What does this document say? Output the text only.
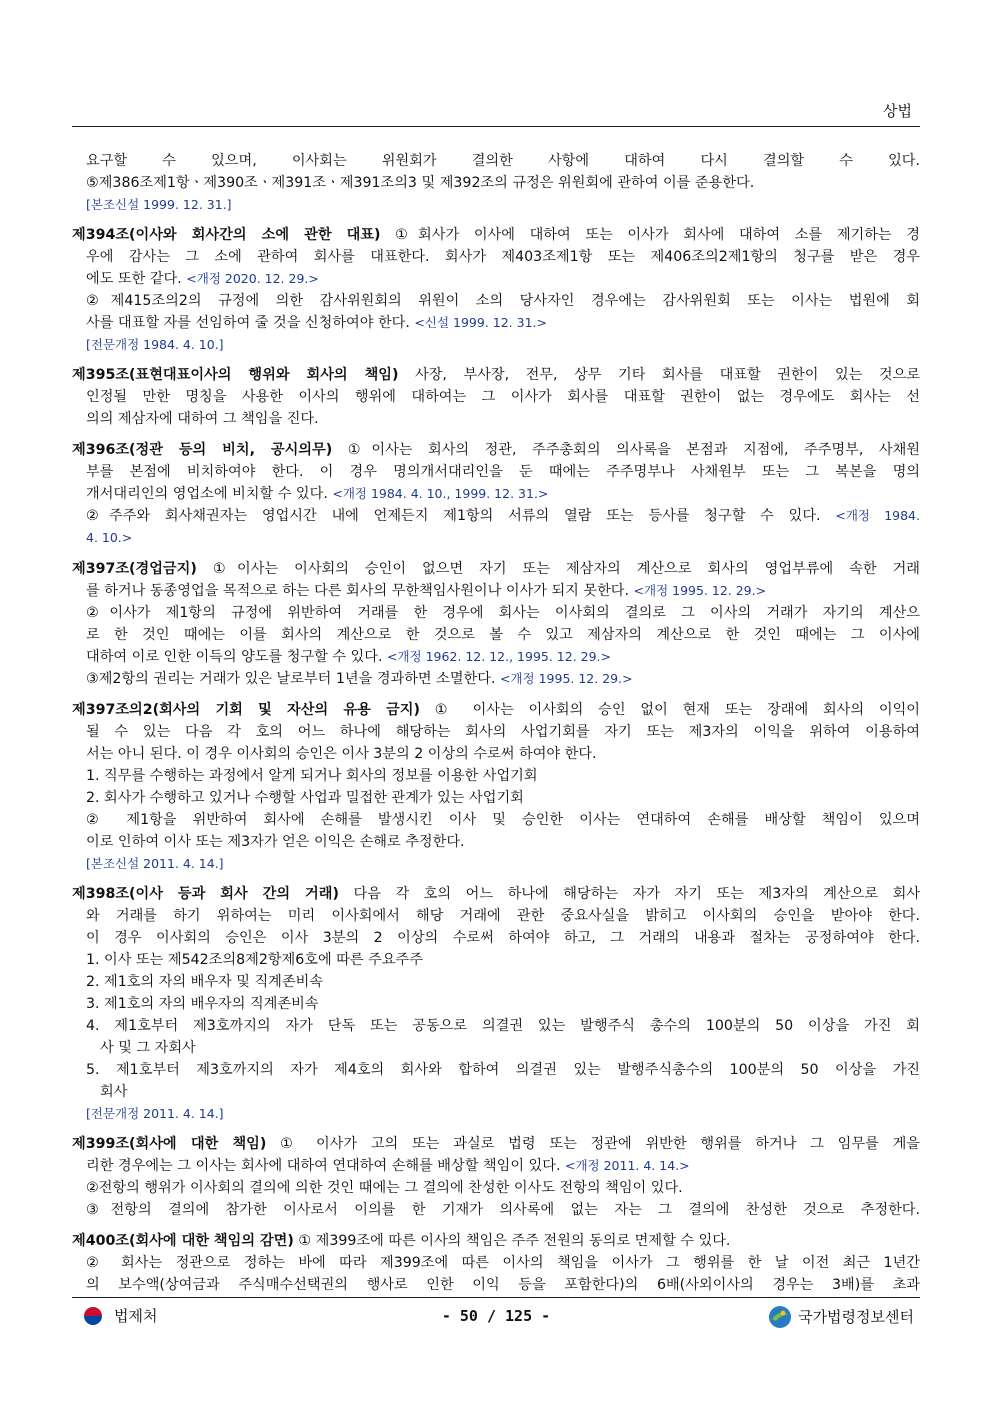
상법
요구할 수 있으며, 이사회는 위원회가 결의한 사항에 대하여 다시 결의할 수 있다.
⑤제386조제1항ㆍ제390조ㆍ제391조ㆍ제391조의3 및 제392조의 규정은 위원회에 관하여 이를 준용한다.
[본조신설 1999. 12. 31.]
제394조(이사와 회사간의 소에 관한 대표) ①회사가 이사에 대하여 또는 이사가 회사에 대하여 소를 제기하는 경
우에 감사는 그 소에 관하여 회사를 대표한다. 회사가 제403조제1항 또는 제406조의2제1항의 청구를 받은 경우
에도 또한 같다. <개정 2020. 12. 29.>
②제415조의2의 규정에 의한 감사위원회의 위원이 소의 당사자인 경우에는 감사위원회 또는 이사는 법원에 회
사를 대표할 자를 선임하여 줄 것을 신청하여야 한다. <신설 1999. 12. 31.>
[전문개정 1984. 4. 10.]
제395조(표현대표이사의 행위와 회사의 책임) 사장, 부사장, 전무, 상무 기타 회사를 대표할 권한이 있는 것으로
인정될 만한 명칭을 사용한 이사의 행위에 대하여는 그 이사가 회사를 대표할 권한이 없는 경우에도 회사는 선
의의 제삼자에 대하여 그 책임을 진다.
제396조(정관 등의 비치, 공시의무) ①이사는 회사의 정관, 주주총회의 의사록을 본점과 지점에, 주주명부, 사채원
부를 본점에 비치하여야 한다. 이 경우 명의개서대리인을 둔 때에는 주주명부나 사채원부 또는 그 복본을 명의
개서대리인의 영업소에 비치할 수 있다. <개정 1984. 4. 10., 1999. 12. 31.>
②주주와 회사채권자는 영업시간 내에 언제든지 제1항의 서류의 열람 또는 등사를 청구할 수 있다. <개정 1984.
4. 10.>
제397조(경업금지) ①이사는 이사회의 승인이 없으면 자기 또는 제삼자의 계산으로 회사의 영업부류에 속한 거래
를 하거나 동종영업을 목적으로 하는 다른 회사의 무한책임사원이나 이사가 되지 못한다. <개정 1995. 12. 29.>
②이사가 제1항의 규정에 위반하여 거래를 한 경우에 회사는 이사회의 결의로 그 이사의 거래가 자기의 계산으
로 한 것인 때에는 이를 회사의 계산으로 한 것으로 볼 수 있고 제삼자의 계산으로 한 것인 때에는 그 이사에
대하여 이로 인한 이득의 양도를 청구할 수 있다. <개정 1962. 12. 12., 1995. 12. 29.>
③제2항의 권리는 거래가 있은 날로부터 1년을 경과하면 소멸한다. <개정 1995. 12. 29.>
제397조의2(회사의 기회 및 자산의 유용 금지) ① 이사는 이사회의 승인 없이 현재 또는 장래에 회사의 이익이
될 수 있는 다음 각 호의 어느 하나에 해당하는 회사의 사업기회를 자기 또는 제3자의 이익을 위하여 이용하여
서는 아니 된다. 이 경우 이사회의 승인은 이사 3분의 2 이상의 수로써 하여야 한다.
1. 직무를 수행하는 과정에서 알게 되거나 회사의 정보를 이용한 사업기회
2. 회사가 수행하고 있거나 수행할 사업과 밀접한 관계가 있는 사업기회
② 제1항을 위반하여 회사에 손해를 발생시킨 이사 및 승인한 이사는 연대하여 손해를 배상할 책임이 있으며
이로 인하여 이사 또는 제3자가 얻은 이익은 손해로 추정한다.
[본조신설 2011. 4. 14.]
제398조(이사 등과 회사 간의 거래) 다음 각 호의 어느 하나에 해당하는 자가 자기 또는 제3자의 계산으로 회사
와 거래를 하기 위하여는 미리 이사회에서 해당 거래에 관한 중요사실을 밝히고 이사회의 승인을 받아야 한다.
이 경우 이사회의 승인은 이사 3분의 2 이상의 수로써 하여야 하고, 그 거래의 내용과 절차는 공정하여야 한다.
1. 이사 또는 제542조의8제2항제6호에 따른 주요주주
2. 제1호의 자의 배우자 및 직계존비속
3. 제1호의 자의 배우자의 직계존비속
4. 제1호부터 제3호까지의 자가 단독 또는 공동으로 의결권 있는 발행주식 총수의 100분의 50 이상을 가진 회
사 및 그 자회사
5. 제1호부터 제3호까지의 자가 제4호의 회사와 합하여 의결권 있는 발행주식총수의 100분의 50 이상을 가진
회사
[전문개정 2011. 4. 14.]
제399조(회사에 대한 책임) ① 이사가 고의 또는 과실로 법령 또는 정관에 위반한 행위를 하거나 그 임무를 게을
리한 경우에는 그 이사는 회사에 대하여 연대하여 손해를 배상할 책임이 있다. <개정 2011. 4. 14.>
②전항의 행위가 이사회의 결의에 의한 것인 때에는 그 결의에 찬성한 이사도 전항의 책임이 있다.
③전항의 결의에 참가한 이사로서 이의를 한 기재가 의사록에 없는 자는 그 결의에 찬성한 것으로 추정한다.
제400조(회사에 대한 책임의 감면) ① 제399조에 따른 이사의 책임은 주주 전원의 동의로 면제할 수 있다.
② 회사는 정관으로 정하는 바에 따라 제399조에 따른 이사의 책임을 이사가 그 행위를 한 날 이전 최근 1년간
의 보수액(상여금과 주식매수선택권의 행사로 인한 이익 등을 포함한다)의 6배(사외이사의 경우는 3배)를 초과
법제처	- 50 / 125 -	국가법령정보센터
